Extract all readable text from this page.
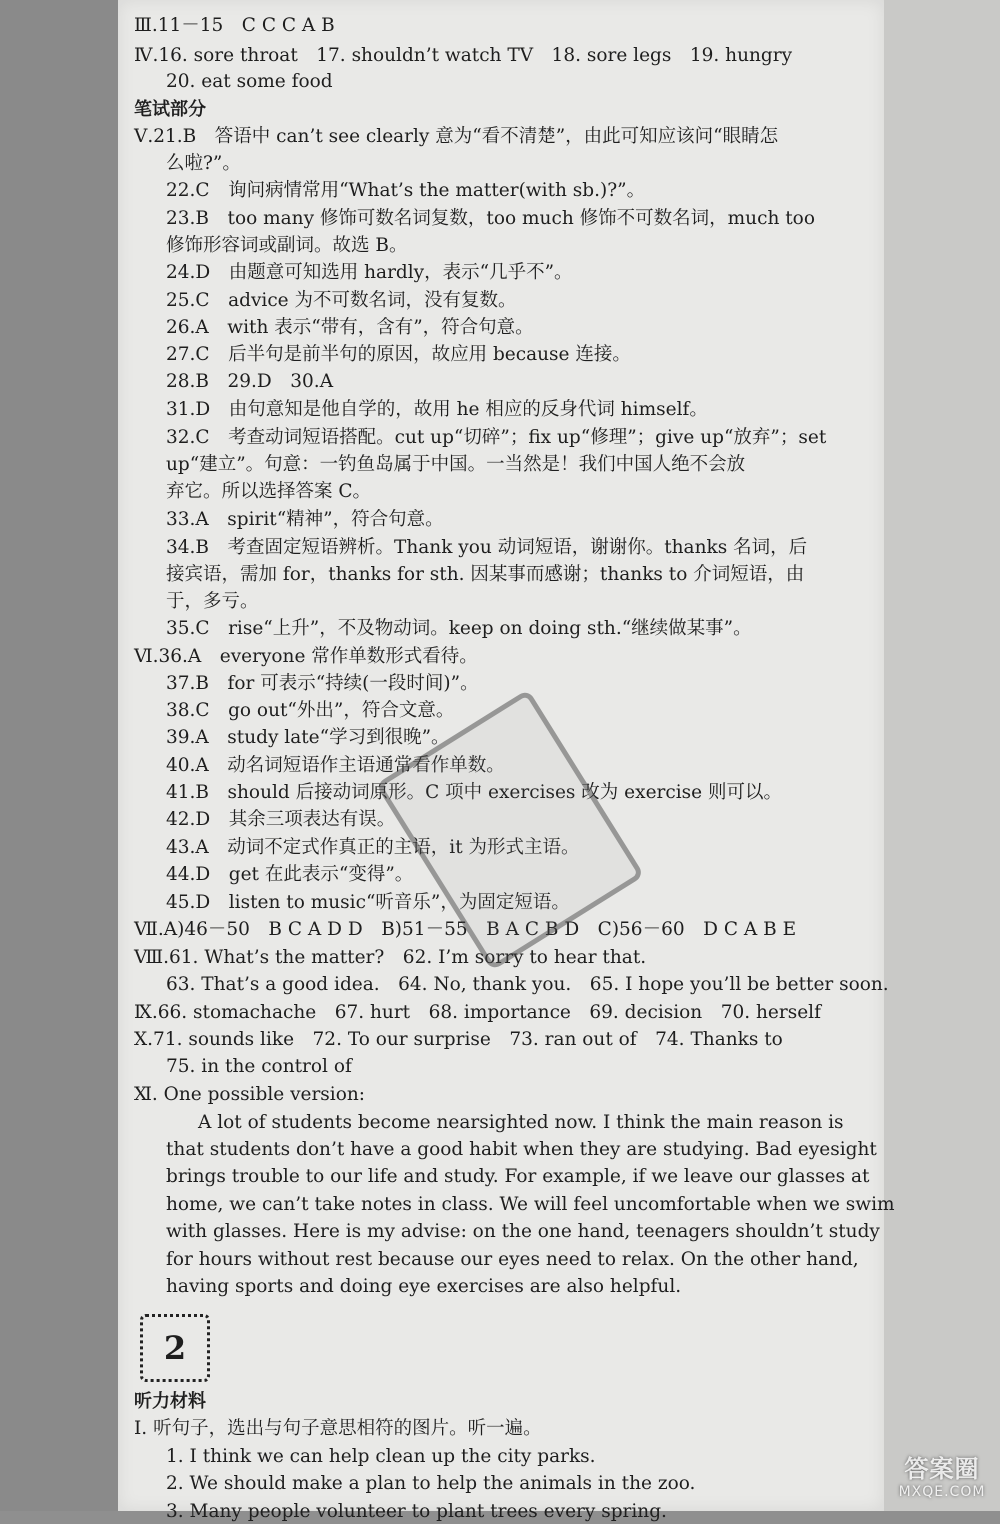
Ⅲ.11－15　C C C A B
Ⅳ.16. sore throat　17. shouldn’t watch TV　18. sore legs　19. hungry
20. eat some food
笔试部分
Ⅴ.21.B　答语中 can’t see clearly 意为“看不清楚”，由此可知应该问“眼睛怎
么啦?”。
22.C　询问病情常用“What’s the matter(with sb.)?”。
23.B　too many 修饰可数名词复数，too much 修饰不可数名词，much too
修饰形容词或副词。故选 B。
24.D　由题意可知选用 hardly，表示“几乎不”。
25.C　advice 为不可数名词，没有复数。
26.A　with 表示“带有，含有”，符合句意。
27.C　后半句是前半句的原因，故应用 because 连接。
28.B　29.D　30.A
31.D　由句意知是他自学的，故用 he 相应的反身代词 himself。
32.C　考查动词短语搭配。cut up“切碎”；fix up“修理”；give up“放弃”；set
up“建立”。句意：一钓鱼岛属于中国。一当然是！我们中国人绝不会放
弃它。所以选择答案 C。
33.A　spirit“精神”，符合句意。
34.B　考查固定短语辨析。Thank you 动词短语，谢谢你。thanks 名词，后
接宾语，需加 for，thanks for sth. 因某事而感谢；thanks to 介词短语，由
于，多亏。
35.C　rise“上升”，不及物动词。keep on doing sth.“继续做某事”。
Ⅵ.36.A　everyone 常作单数形式看待。
37.B　for 可表示“持续(一段时间)”。
38.C　go out“外出”，符合文意。
39.A　study late“学习到很晚”。
40.A　动名词短语作主语通常看作单数。
41.B　should 后接动词原形。C 项中 exercises 改为 exercise 则可以。
42.D　其余三项表达有误。
43.A　动词不定式作真正的主语，it 为形式主语。
44.D　get 在此表示“变得”。
45.D　listen to music“听音乐”，为固定短语。
Ⅶ.A)46－50　B C A D D　B)51－55　B A C B D　C)56－60　D C A B E
Ⅷ.61. What’s the matter?　62. I’m sorry to hear that.
63. That’s a good idea.　64. No, thank you.　65. I hope you’ll be better soon.
Ⅸ.66. stomachache　67. hurt　68. importance　69. decision　70. herself
Ⅹ.71. sounds like　72. To our surprise　73. ran out of　74. Thanks to
75. in the control of
Ⅺ. One possible version:
A lot of students become nearsighted now. I think the main reason is
that students don’t have a good habit when they are studying. Bad eyesight
brings trouble to our life and study. For example, if we leave our glasses at
home, we can’t take notes in class. We will feel uncomfortable when we swim
with glasses. Here is my advise: on the one hand, teenagers shouldn’t study
for hours without rest because our eyes need to relax. On the other hand,
having sports and doing eye exercises are also helpful.
2
听力材料
Ⅰ. 听句子，选出与句子意思相符的图片。听一遍。
1. I think we can help clean up the city parks.
2. We should make a plan to help the animals in the zoo.
3. Many people volunteer to plant trees every spring.
答案圈
MXQE.COM
